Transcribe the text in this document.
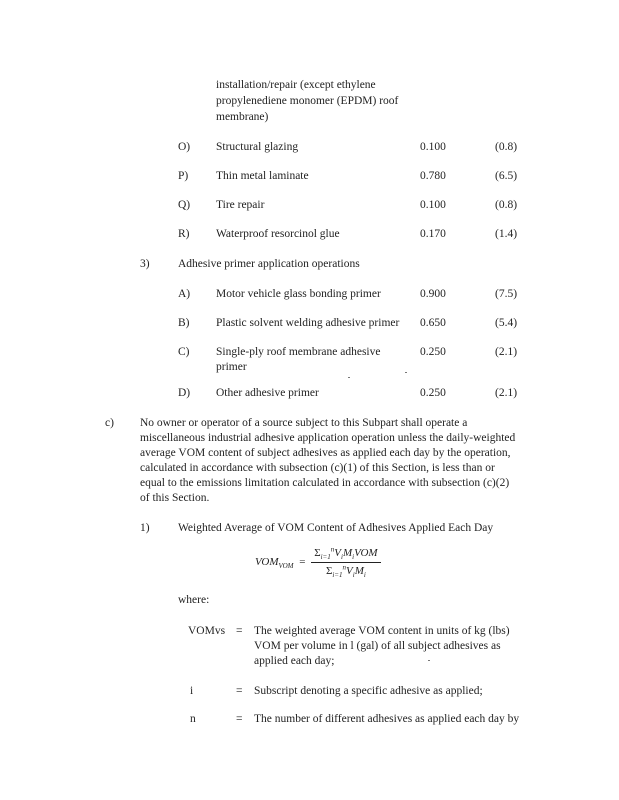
installation/repair (except ethylene
propylenediene monomer (EPDM) roof
membrane)
O) Structural glazing	0.100	(0.8)
P) Thin metal laminate	0.780	(6.5)
Q) Tire repair	0.100	(0.8)
R) Waterproof resorcinol glue	0.170	(1.4)
3) Adhesive primer application operations
A) Motor vehicle glass bonding primer	0.900	(7.5)
B) Plastic solvent welding adhesive primer 0.650	(5.4)
C) Single-ply roof membrane adhesive
primer
0.250	(2.1)
D) Other adhesive primer	0.250	(2.1)
c) No owner or operator of a source subject to this Subpart shall operate a
miscellaneous industrial adhesive application operation unless the daily-weighted
average VOM content of subject adhesives as applied each day by the operation,
calculated in accordance with subsection (c)(1) of this Section, is less than or
equal to the emissions limitation calculated in accordance with subsection (c)(2)
of this Section.
1) Weighted Average of VOM Content of Adhesives Applied Each Day
$VOM_{VOM} = \frac{\Sigma_{i=1}^nV_iM_iVOM}{\Sigma_{i=1}^nV_iM_i}$
where:
VOMvs = The weighted average VOM content in units of kg (lbs)
VOM per volume in l (gal) of all subject adhesives as
applied each day;
i	= Subscript denoting a specific adhesive as applied;
n	= The number of different adhesives as applied each day by
